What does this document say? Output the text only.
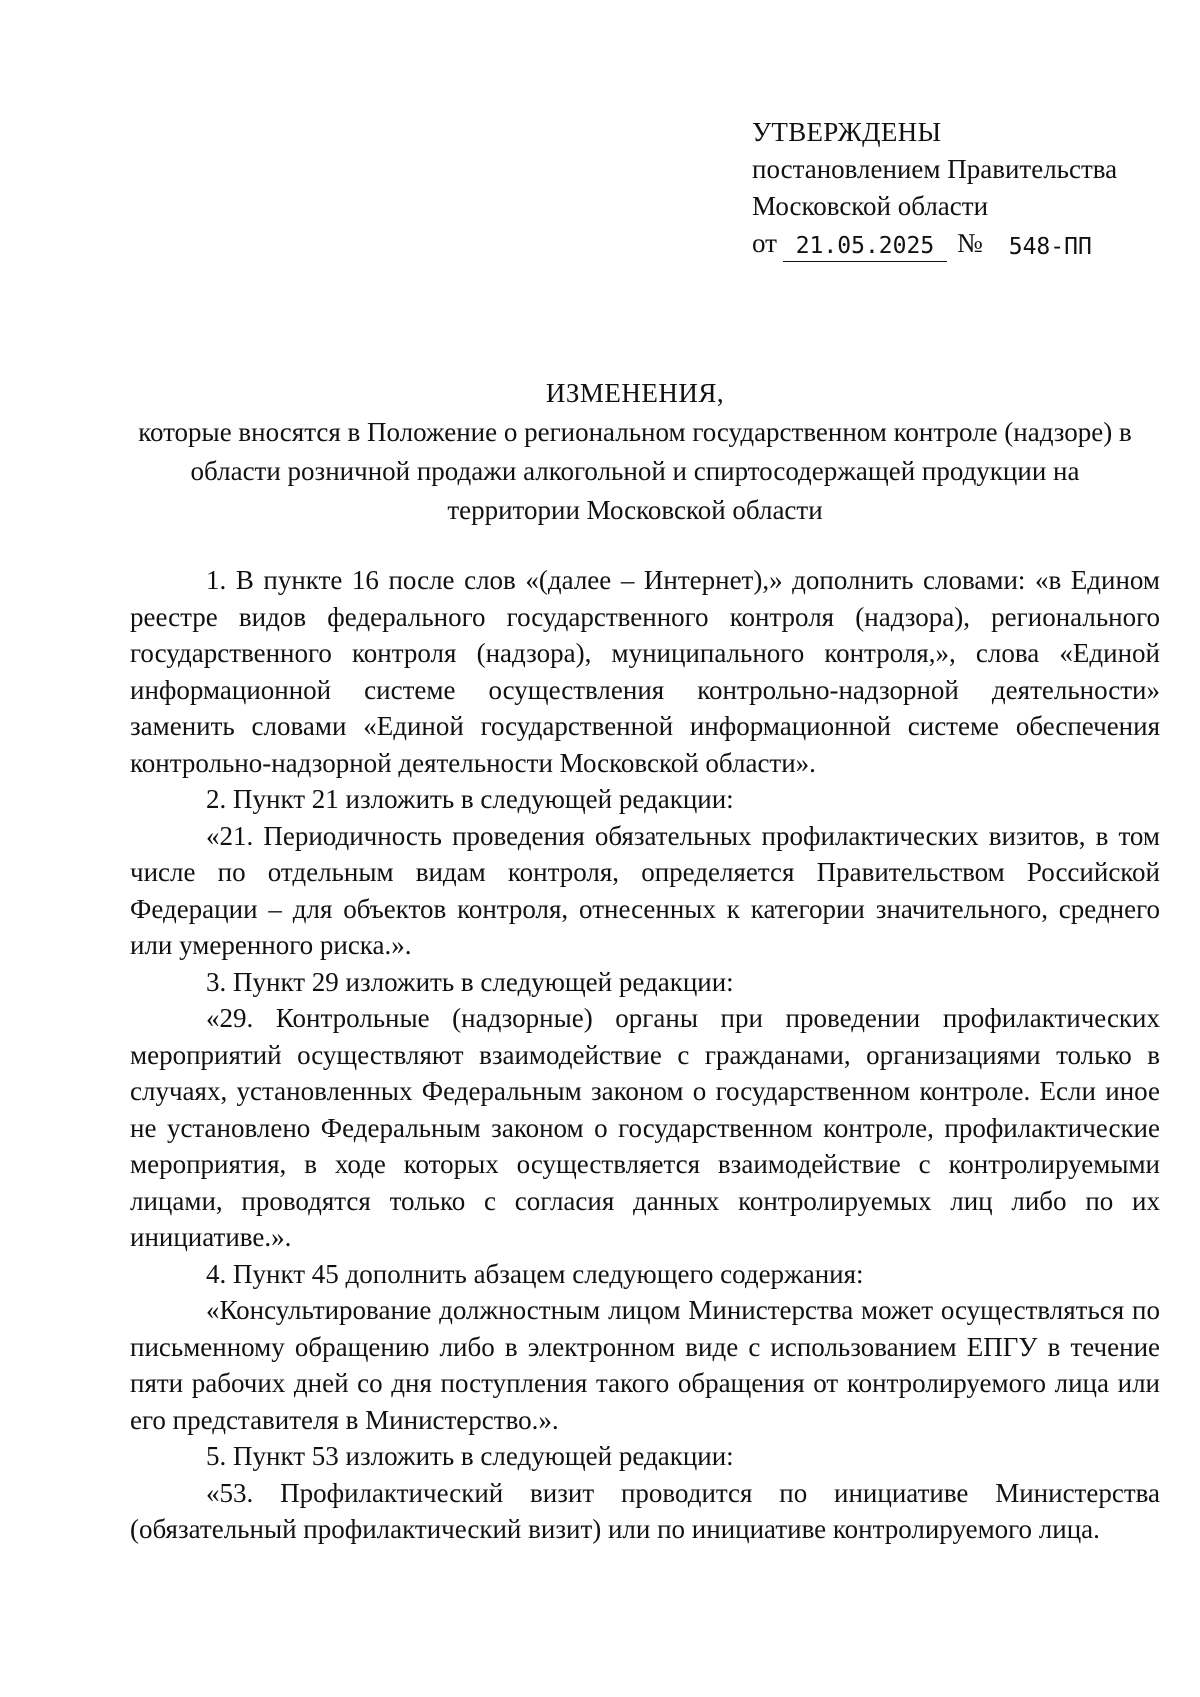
УТВЕРЖДЕНЫ
постановлением Правительства
Московской области
от 21.05.2025 № 548-ПП
ИЗМЕНЕНИЯ,
которые вносятся в Положение о региональном государственном контроле (надзоре) в области розничной продажи алкогольной и спиртосодержащей продукции на территории Московской области

1. В пункте 16 после слов «(далее – Интернет),» дополнить словами: «в Едином реестре видов федерального государственного контроля (надзора), регионального государственного контроля (надзора), муниципального контроля,», слова «Единой информационной системе осуществления контрольно-надзорной деятельности» заменить словами «Единой государственной информационной системе обеспечения контрольно-надзорной деятельности Московской области».

2. Пункт 21 изложить в следующей редакции:

«21. Периодичность проведения обязательных профилактических визитов, в том числе по отдельным видам контроля, определяется Правительством Российской Федерации – для объектов контроля, отнесенных к категории значительного, среднего или умеренного риска.».

3. Пункт 29 изложить в следующей редакции:

«29. Контрольные (надзорные) органы при проведении профилактических мероприятий осуществляют взаимодействие с гражданами, организациями только в случаях, установленных Федеральным законом о государственном контроле. Если иное не установлено Федеральным законом о государственном контроле, профилактические мероприятия, в ходе которых осуществляется взаимодействие с контролируемыми лицами, проводятся только с согласия данных контролируемых лиц либо по их инициативе.».

4. Пункт 45 дополнить абзацем следующего содержания:

«Консультирование должностным лицом Министерства может осуществляться по письменному обращению либо в электронном виде с использованием ЕПГУ в течение пяти рабочих дней со дня поступления такого обращения от контролируемого лица или его представителя в Министерство.».

5. Пункт 53 изложить в следующей редакции:

«53. Профилактический визит проводится по инициативе Министерства (обязательный профилактический визит) или по инициативе контролируемого лица.
